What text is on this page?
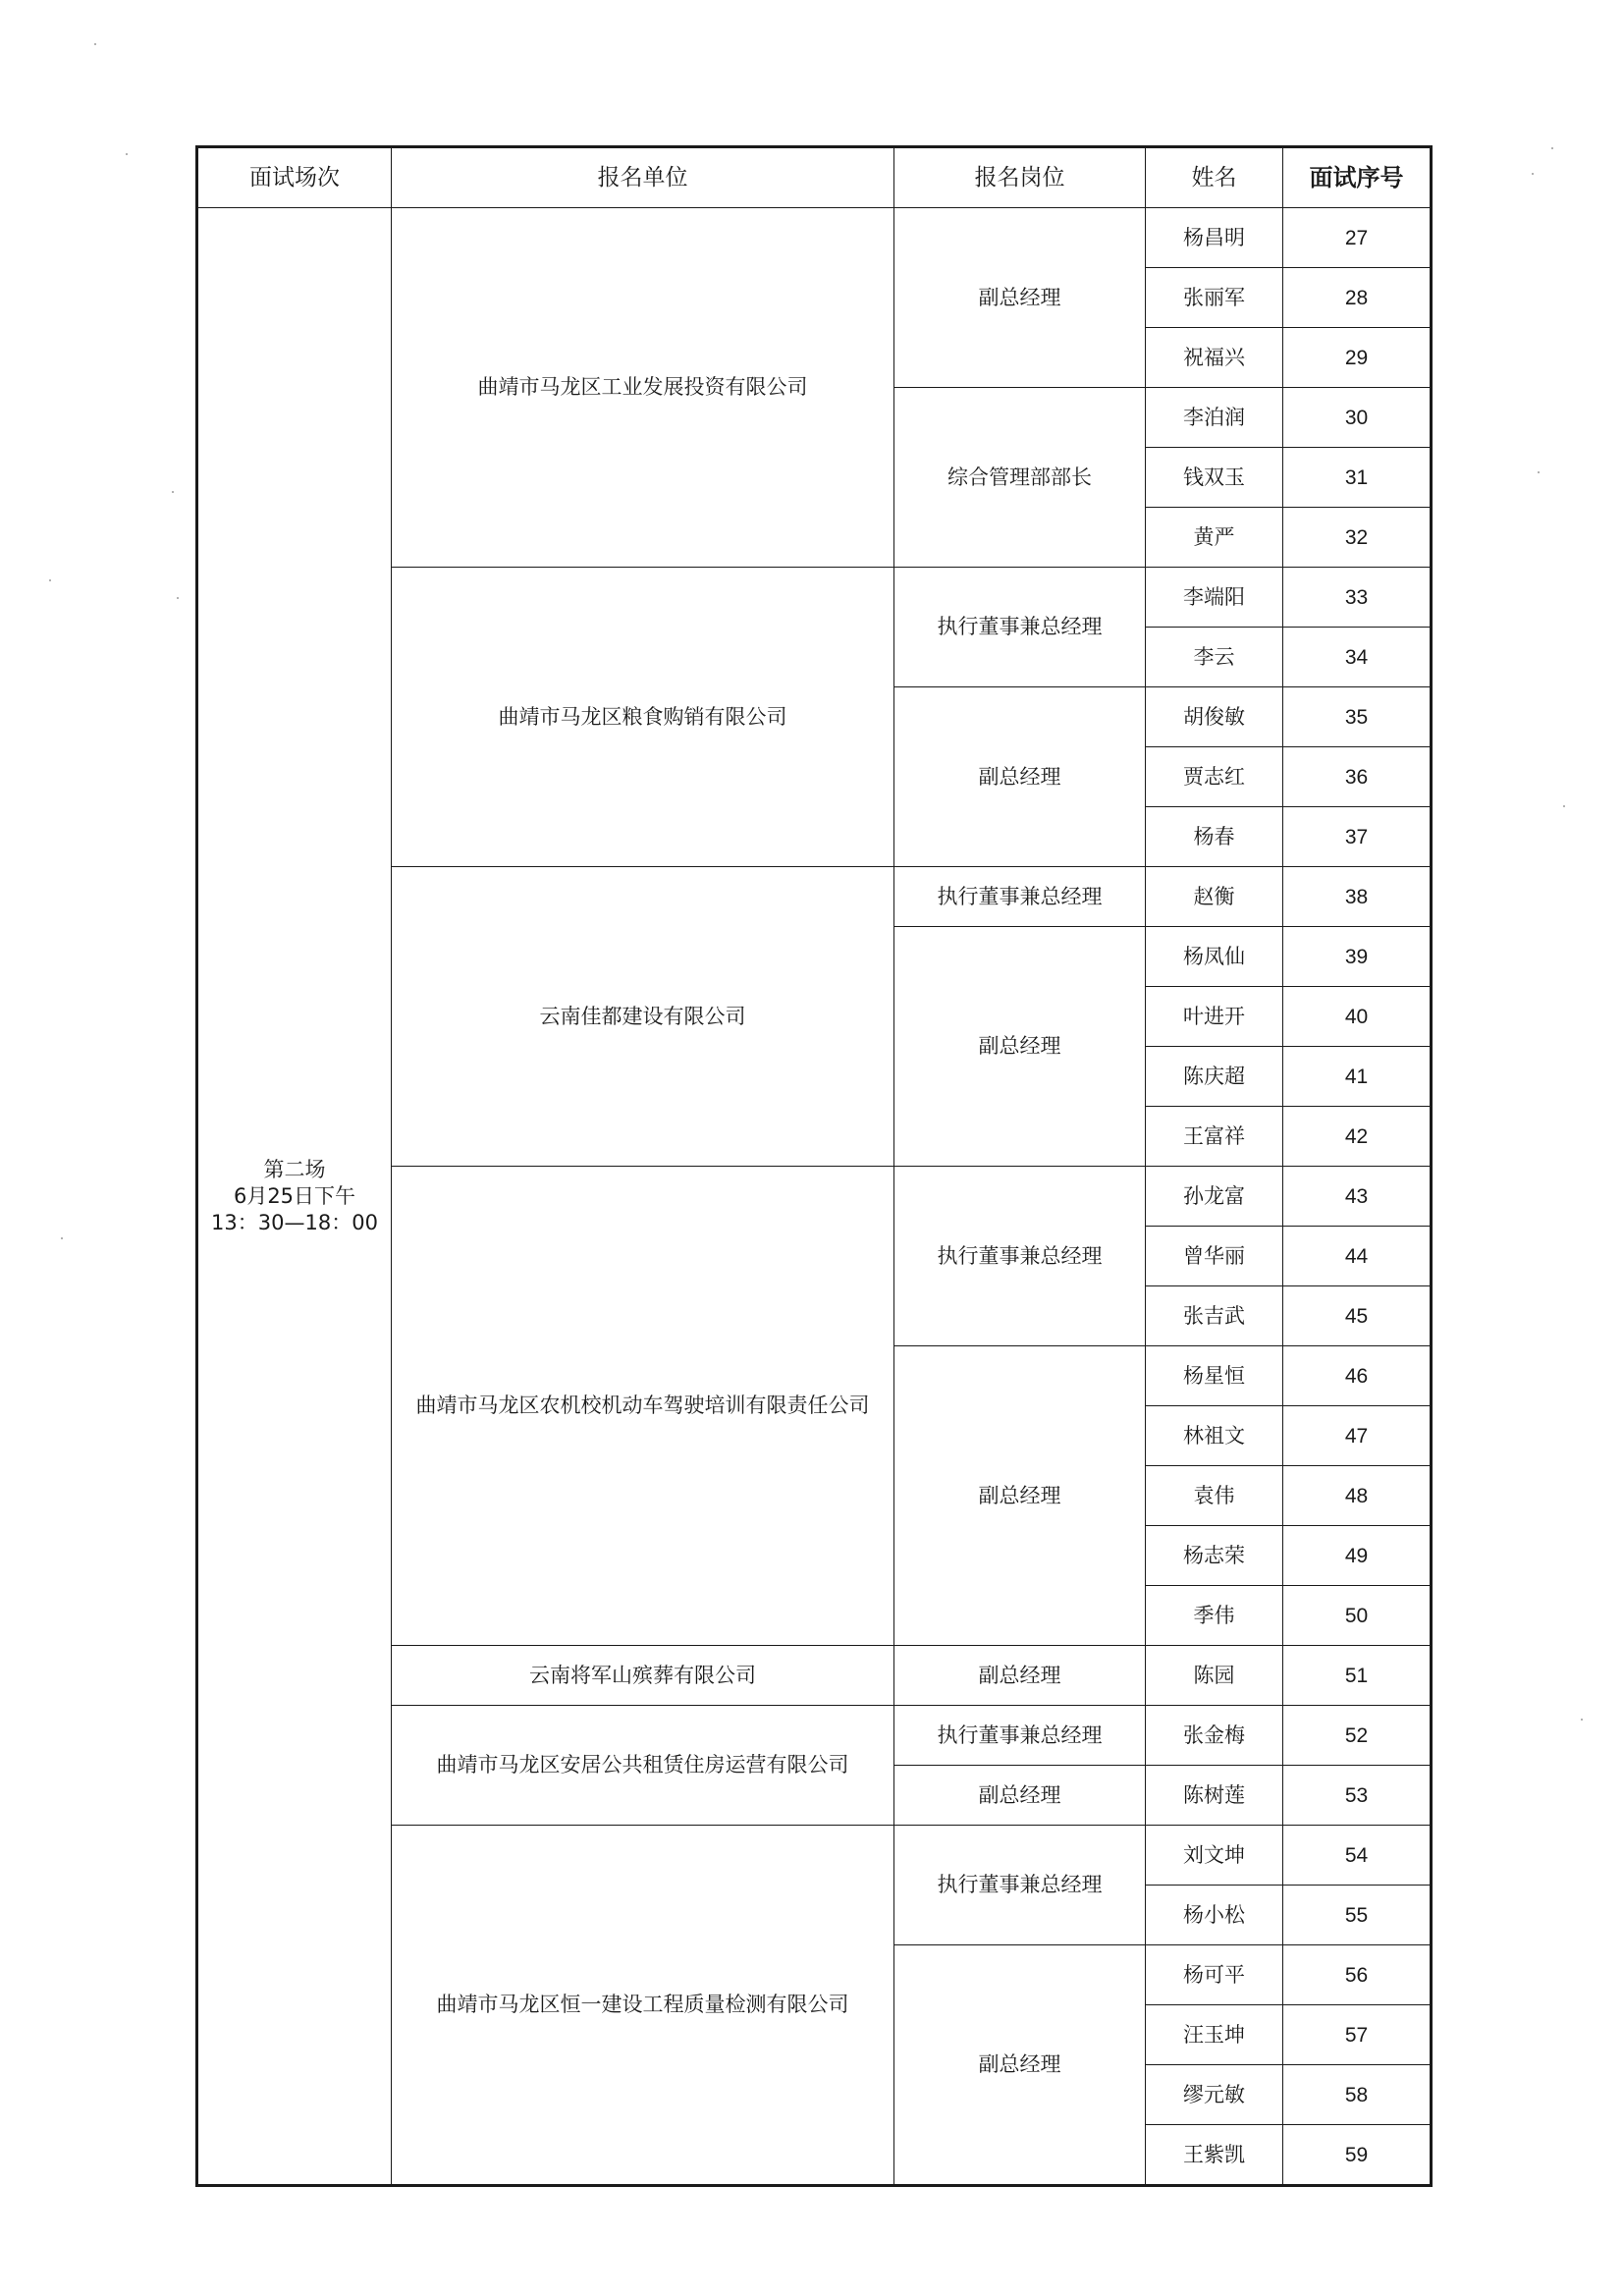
面试场次	报名单位	报名岗位	姓名	面试序号
第二场
6月25日下午
13：30—18：00	曲靖市马龙区工业发展投资有限公司	副总经理	杨昌明	27
			张丽军	28
			祝福兴	29
		综合管理部部长	李泊润	30
			钱双玉	31
			黄严	32
	曲靖市马龙区粮食购销有限公司	执行董事兼总经理	李端阳	33
			李云	34
		副总经理	胡俊敏	35
			贾志红	36
			杨春	37
	云南佳都建设有限公司	执行董事兼总经理	赵衡	38
		副总经理	杨凤仙	39
			叶进开	40
			陈庆超	41
			王富祥	42
	曲靖市马龙区农机校机动车驾驶培训有限责任公司	执行董事兼总经理	孙龙富	43
			曾华丽	44
			张吉武	45
		副总经理	杨星恒	46
			林祖文	47
			袁伟	48
			杨志荣	49
			季伟	50
	云南将军山殡葬有限公司	副总经理	陈园	51
	曲靖市马龙区安居公共租赁住房运营有限公司	执行董事兼总经理	张金梅	52
		副总经理	陈树莲	53
	曲靖市马龙区恒一建设工程质量检测有限公司	执行董事兼总经理	刘文坤	54
			杨小松	55
		副总经理	杨可平	56
			汪玉坤	57
			缪元敏	58
			王紫凯	59
